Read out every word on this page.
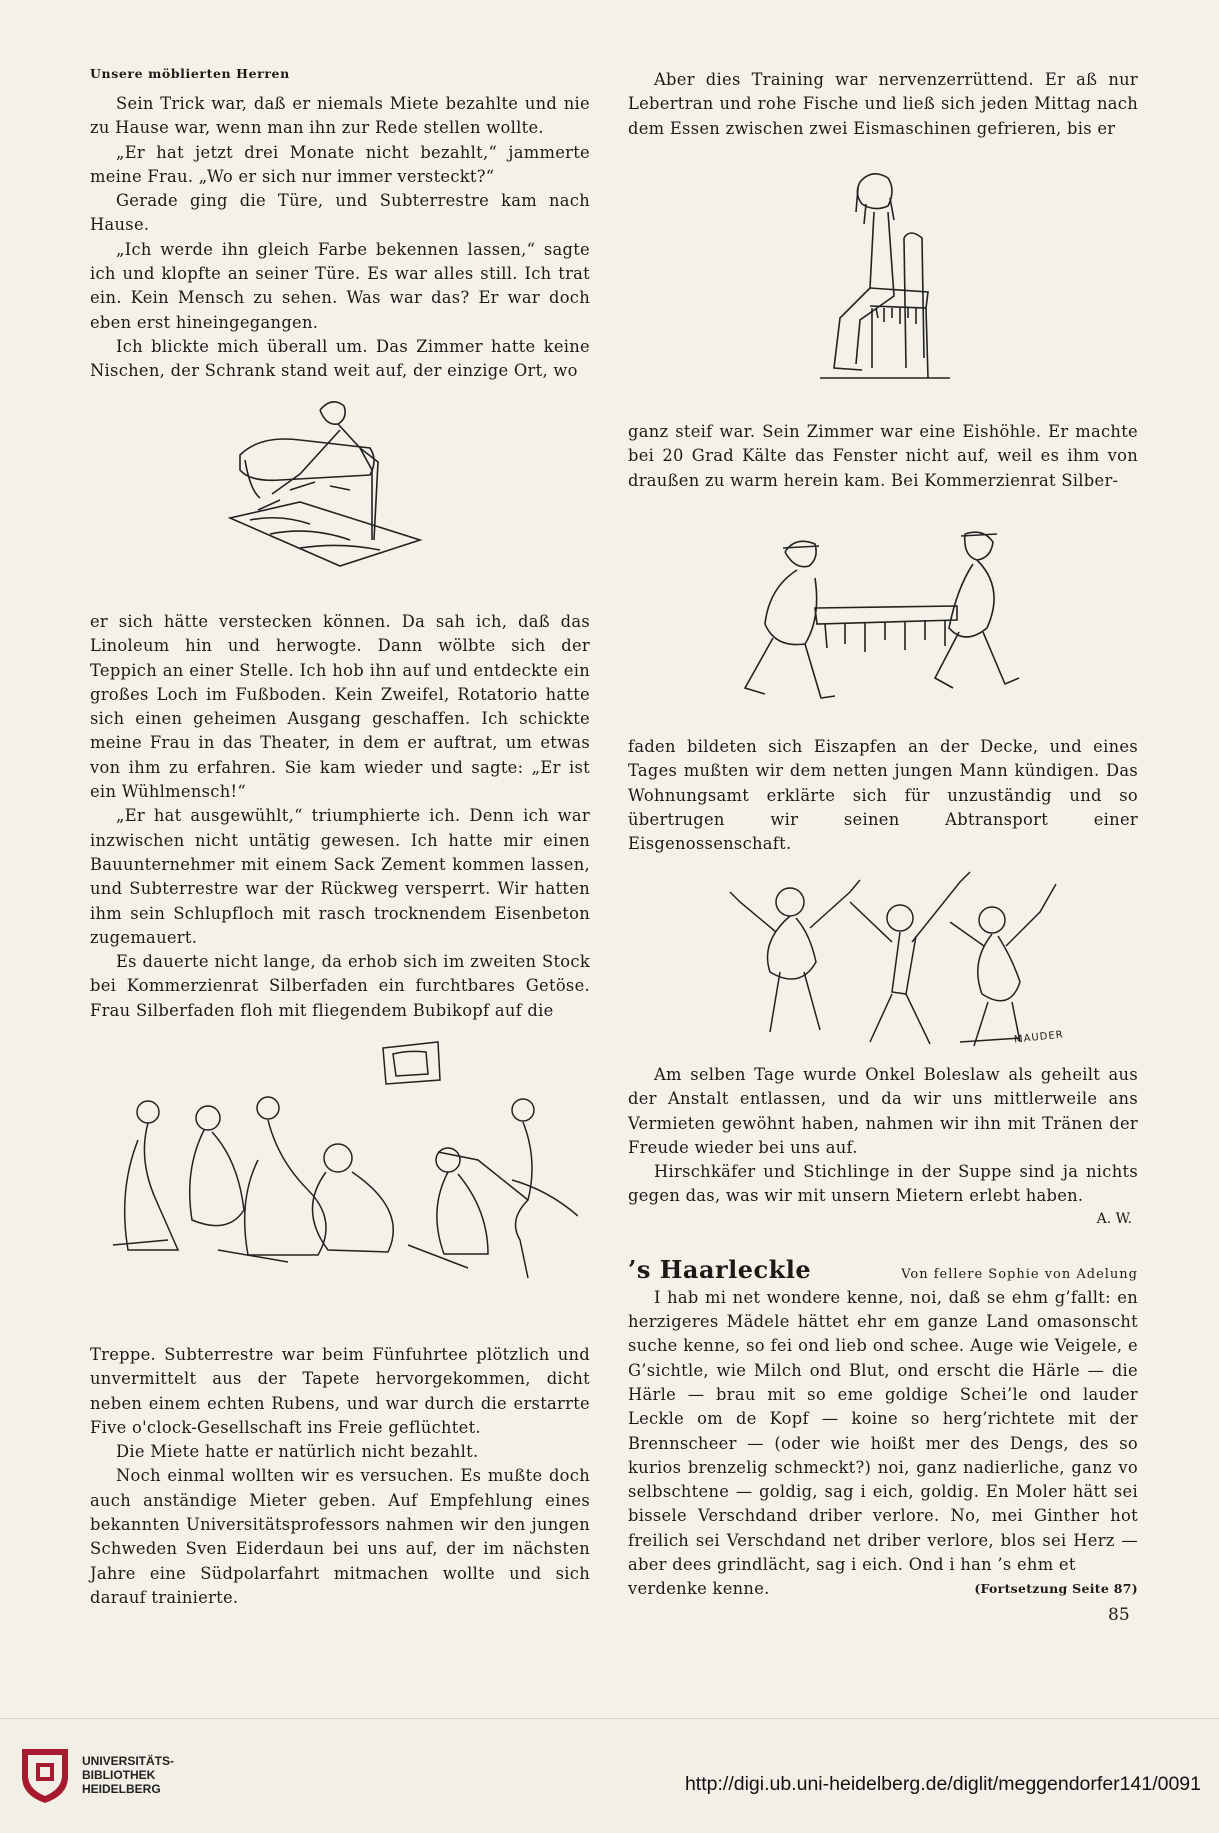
Unsere möblierten Herren

Sein Trick war, daß er niemals Miete bezahlte und nie zu Hause war, wenn man ihn zur Rede stellen wollte.

„Er hat jetzt drei Monate nicht bezahlt,“ jammerte meine Frau. „Wo er sich nur immer versteckt?“

Gerade ging die Türe, und Subterrestre kam nach Hause.

„Ich werde ihn gleich Farbe bekennen lassen,“ sagte ich und klopfte an seiner Türe. Es war alles still. Ich trat ein. Kein Mensch zu sehen. Was war das? Er war doch eben erst hineingegangen.

Ich blickte mich überall um. Das Zimmer hatte keine Nischen, der Schrank stand weit auf, der einzige Ort, wo

er sich hätte verstecken können. Da sah ich, daß das Linoleum hin und herwogte. Dann wölbte sich der Teppich an einer Stelle. Ich hob ihn auf und entdeckte ein großes Loch im Fußboden. Kein Zweifel, Rotatorio hatte sich einen geheimen Ausgang geschaffen. Ich schickte meine Frau in das Theater, in dem er auftrat, um etwas von ihm zu erfahren. Sie kam wieder und sagte: „Er ist ein Wühlmensch!“

„Er hat ausgewühlt,“ triumphierte ich. Denn ich war inzwischen nicht untätig gewesen. Ich hatte mir einen Bauunternehmer mit einem Sack Zement kommen lassen, und Subterrestre war der Rückweg versperrt. Wir hatten ihm sein Schlupfloch mit rasch trocknendem Eisenbeton zugemauert.

Es dauerte nicht lange, da erhob sich im zweiten Stock bei Kommerzienrat Silberfaden ein furchtbares Getöse. Frau Silberfaden floh mit fliegendem Bubikopf auf die

Treppe. Subterrestre war beim Fünfuhrtee plötzlich und unvermittelt aus der Tapete hervorgekommen, dicht neben einem echten Rubens, und war durch die erstarrte Five o'clock-Gesellschaft ins Freie geflüchtet.

Die Miete hatte er natürlich nicht bezahlt.

Noch einmal wollten wir es versuchen. Es mußte doch auch anständige Mieter geben. Auf Empfehlung eines bekannten Universitätsprofessors nahmen wir den jungen Schweden Sven Eiderdaun bei uns auf, der im nächsten Jahre eine Südpolarfahrt mitmachen wollte und sich darauf trainierte.

Aber dies Training war nervenzerrüttend. Er aß nur Lebertran und rohe Fische und ließ sich jeden Mittag nach dem Essen zwischen zwei Eismaschinen gefrieren, bis er

ganz steif war. Sein Zimmer war eine Eishöhle. Er machte bei 20 Grad Kälte das Fenster nicht auf, weil es ihm von draußen zu warm herein kam. Bei Kommerzienrat Silber-

faden bildeten sich Eiszapfen an der Decke, und eines Tages mußten wir dem netten jungen Mann kündigen. Das Wohnungsamt erklärte sich für unzuständig und so übertrugen wir seinen Abtransport einer Eisgenossenschaft.

MAUDER

Am selben Tage wurde Onkel Boleslaw als geheilt aus der Anstalt entlassen, und da wir uns mittlerweile ans Vermieten gewöhnt haben, nahmen wir ihn mit Tränen der Freude wieder bei uns auf.

Hirschkäfer und Stichlinge in der Suppe sind ja nichts gegen das, was wir mit unsern Mietern erlebt haben.

A. W.
’s Haarleckle	Von fellere Sophie von Adelung

I hab mi net wondere kenne, noi, daß se ehm g’fallt: en herzigeres Mädele hättet ehr em ganze Land omasonscht suche kenne, so fei ond lieb ond schee. Auge wie Veigele, e G’sichtle, wie Milch ond Blut, ond erscht die Härle — die Härle — brau mit so eme goldige Schei’le ond lauder Leckle om de Kopf — koine so herg’richtete mit der Brennscheer — (oder wie hoißt mer des Dengs, des so kurios brenzelig schmeckt?) noi, ganz nadierliche, ganz vo selbschtene — goldig, sag i eich, goldig. En Moler hätt sei bissele Verschdand driber verlore. No, mei Ginther hot freilich sei Verschdand net driber verlore, blos sei Herz — aber dees grindlächt, sag i eich. Ond i han ’s ehm et

verdenke kenne.	(Fortsetzung Seite 87)

85
UNIVERSITÄTS-
BIBLIOTHEK
HEIDELBERG	http://digi.ub.uni-heidelberg.de/diglit/meggendorfer141/0091
